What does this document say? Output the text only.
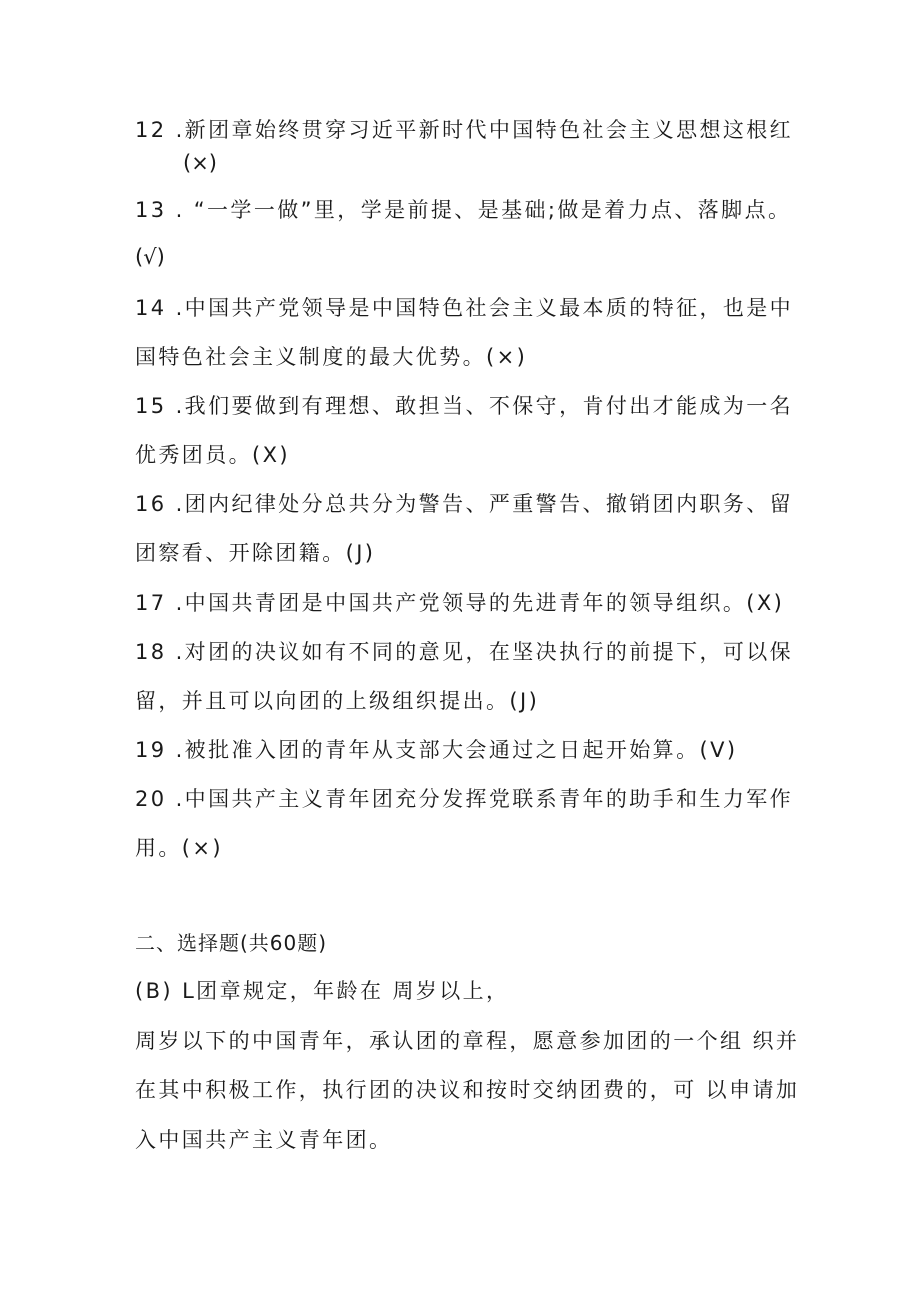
12 .新团章始终贯穿习近平新时代中国特色社会主义思想这根红
(×)
13 . “一学一做”里，学是前提、是基础;做是着力点、落脚点。
(√)
14 .中国共产党领导是中国特色社会主义最本质的特征，也是中
国特色社会主义制度的最大优势。(×)
15 .我们要做到有理想、敢担当、不保守，肯付出才能成为一名
优秀团员。(X)
16 .团内纪律处分总共分为警告、严重警告、撤销团内职务、留
团察看、开除团籍。(J)
17 .中国共青团是中国共产党领导的先进青年的领导组织。(X)
18 .对团的决议如有不同的意见，在坚决执行的前提下，可以保
留，并且可以向团的上级组织提出。(J)
19 .被批准入团的青年从支部大会通过之日起开始算。(V)
20 .中国共产主义青年团充分发挥党联系青年的助手和生力军作
用。(×)
二、选择题(共60题)
(B) L团章规定，年龄在 周岁以上，
周岁以下的中国青年，承认团的章程，愿意参加团的一个组 织并
在其中积极工作，执行团的决议和按时交纳团费的，可 以申请加
入中国共产主义青年团。
